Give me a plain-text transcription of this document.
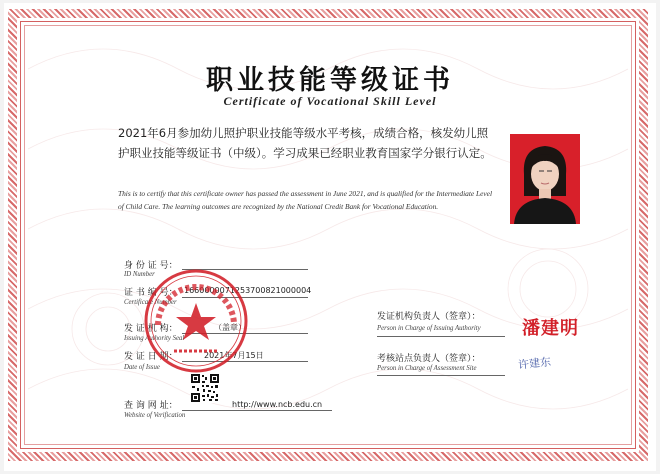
职业技能等级证书
Certificate of Vocational Skill Level
2021年6月参加幼儿照护职业技能等级水平考核，成绩合格，核发幼儿照护职业技能等级证书（中级）。学习成果已经职业教育国家学分银行认定。
This is to certify that this certificate owner has passed the assessment in June 2021, and is qualified for the Intermediate Level of Child Care. The learning outcomes are recognized by the National Credit Bank for Vocational Education.
身 份 证 号：
ID Number
证 书 编 号： 1660000071253700821000004
Certificate Number
发 证 机 构：	（盖章）
Issuing Authority Seal
发 证 日 期：	2021年7月15日
Date of Issue
查 询 网 址：	http://www.ncb.edu.cn
Website of Verification
发证机构负责人（签章）：
Person in Charge of Issuing Authority 潘建明
考核站点负责人（签章）：
Person in Charge of Assessment Site	许建东
